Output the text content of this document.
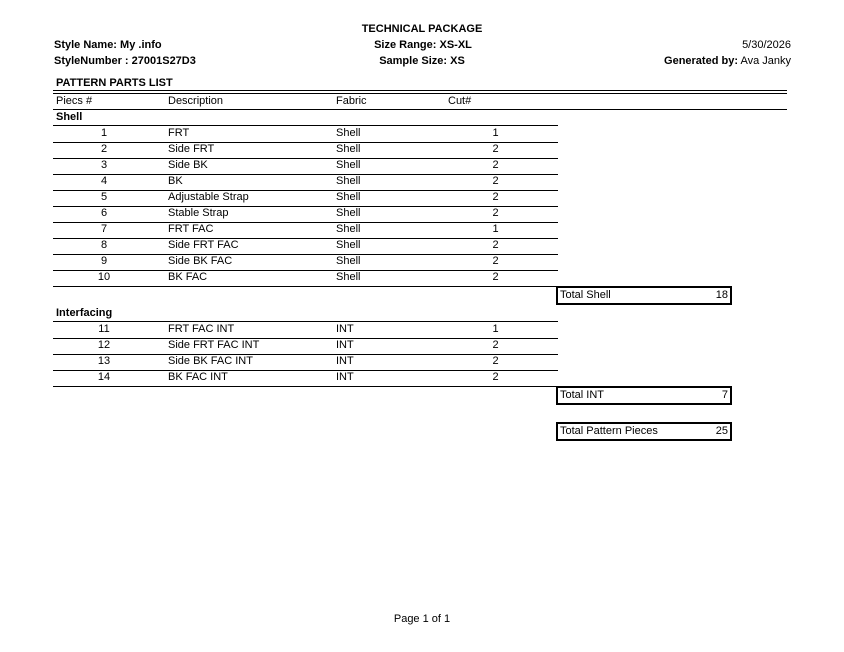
TECHNICAL PACKAGE
Style Name: My .info
StyleNumber : 27001S27D3
Size Range: XS-XL
Sample Size: XS
5/30/2026
Generated by: Ava Janky
PATTERN PARTS LIST
Piecs #	Description	Fabric	Cut#
Shell
1	FRT	Shell	1
2	Side FRT	Shell	2
3	Side BK	Shell	2
4	BK	Shell	2
5	Adjustable Strap	Shell	2
6	Stable Strap	Shell	2
7	FRT FAC	Shell	1
8	Side FRT FAC	Shell	2
9	Side BK FAC	Shell	2
10	BK FAC	Shell	2
Total Shell	18
Interfacing
11	FRT FAC INT	INT	1
12	Side FRT FAC INT	INT	2
13	Side BK FAC INT	INT	2
14	BK FAC INT	INT	2
Total INT	7
Total Pattern Pieces	25
Page 1 of 1
